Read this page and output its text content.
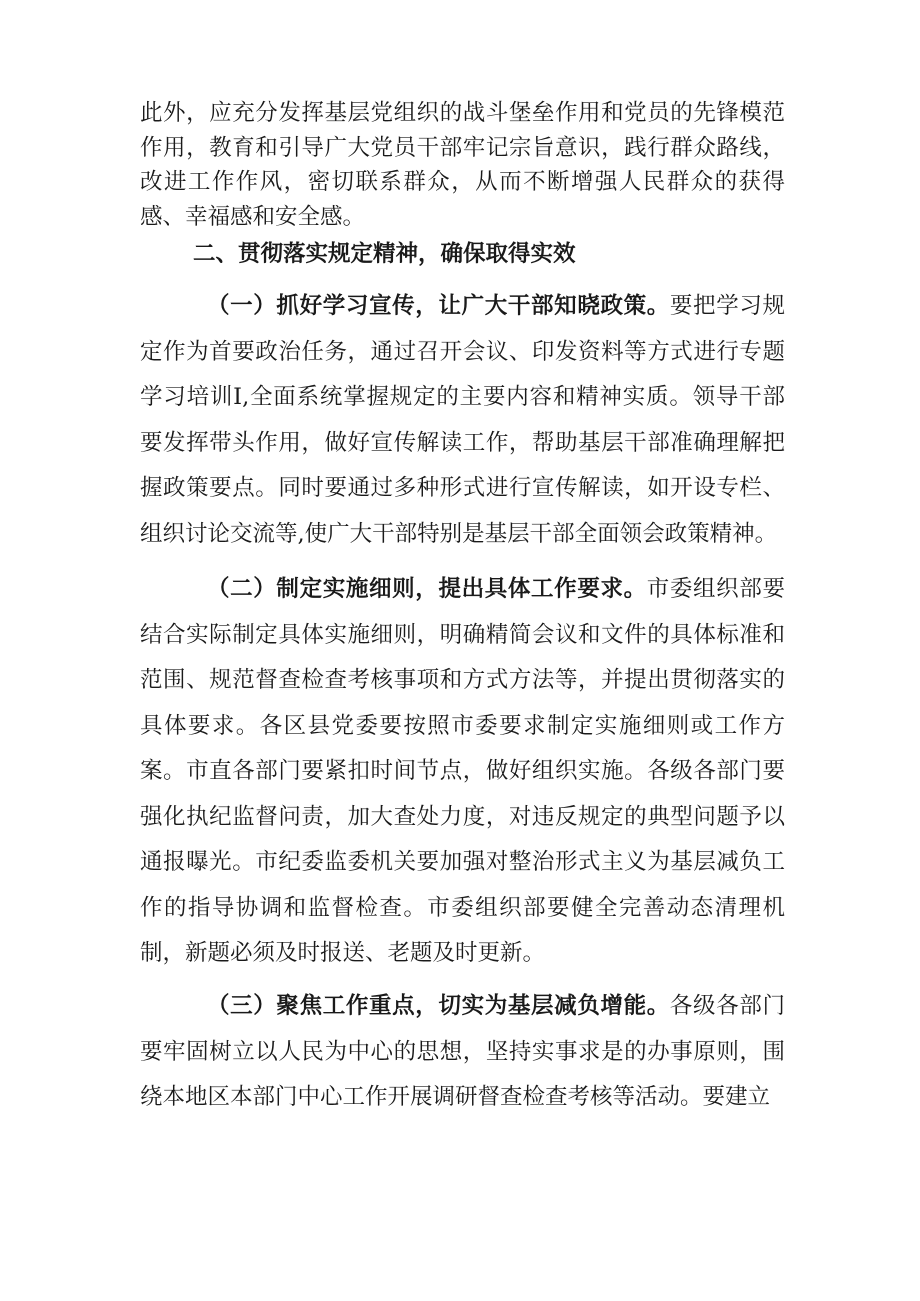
此外，应充分发挥基层党组织的战斗堡垒作用和党员的先锋模范作用，教育和引导广大党员干部牢记宗旨意识，践行群众路线，改进工作作风，密切联系群众，从而不断增强人民群众的获得感、幸福感和安全感。

二、贯彻落实规定精神，确保取得实效

（一）抓好学习宣传，让广大干部知晓政策。要把学习规定作为首要政治任务，通过召开会议、印发资料等方式进行专题学习培训I,全面系统掌握规定的主要内容和精神实质。领导干部要发挥带头作用，做好宣传解读工作，帮助基层干部准确理解把握政策要点。同时要通过多种形式进行宣传解读，如开设专栏、组织讨论交流等,使广大干部特别是基层干部全面领会政策精神。

（二）制定实施细则，提出具体工作要求。市委组织部要结合实际制定具体实施细则，明确精简会议和文件的具体标准和范围、规范督查检查考核事项和方式方法等，并提出贯彻落实的具体要求。各区县党委要按照市委要求制定实施细则或工作方案。市直各部门要紧扣时间节点，做好组织实施。各级各部门要强化执纪监督问责，加大查处力度，对违反规定的典型问题予以通报曝光。市纪委监委机关要加强对整治形式主义为基层减负工作的指导协调和监督检查。市委组织部要健全完善动态清理机制，新题必须及时报送、老题及时更新。

（三）聚焦工作重点，切实为基层减负增能。各级各部门要牢固树立以人民为中心的思想，坚持实事求是的办事原则，围绕本地区本部门中心工作开展调研督查检查考核等活动。要建立
